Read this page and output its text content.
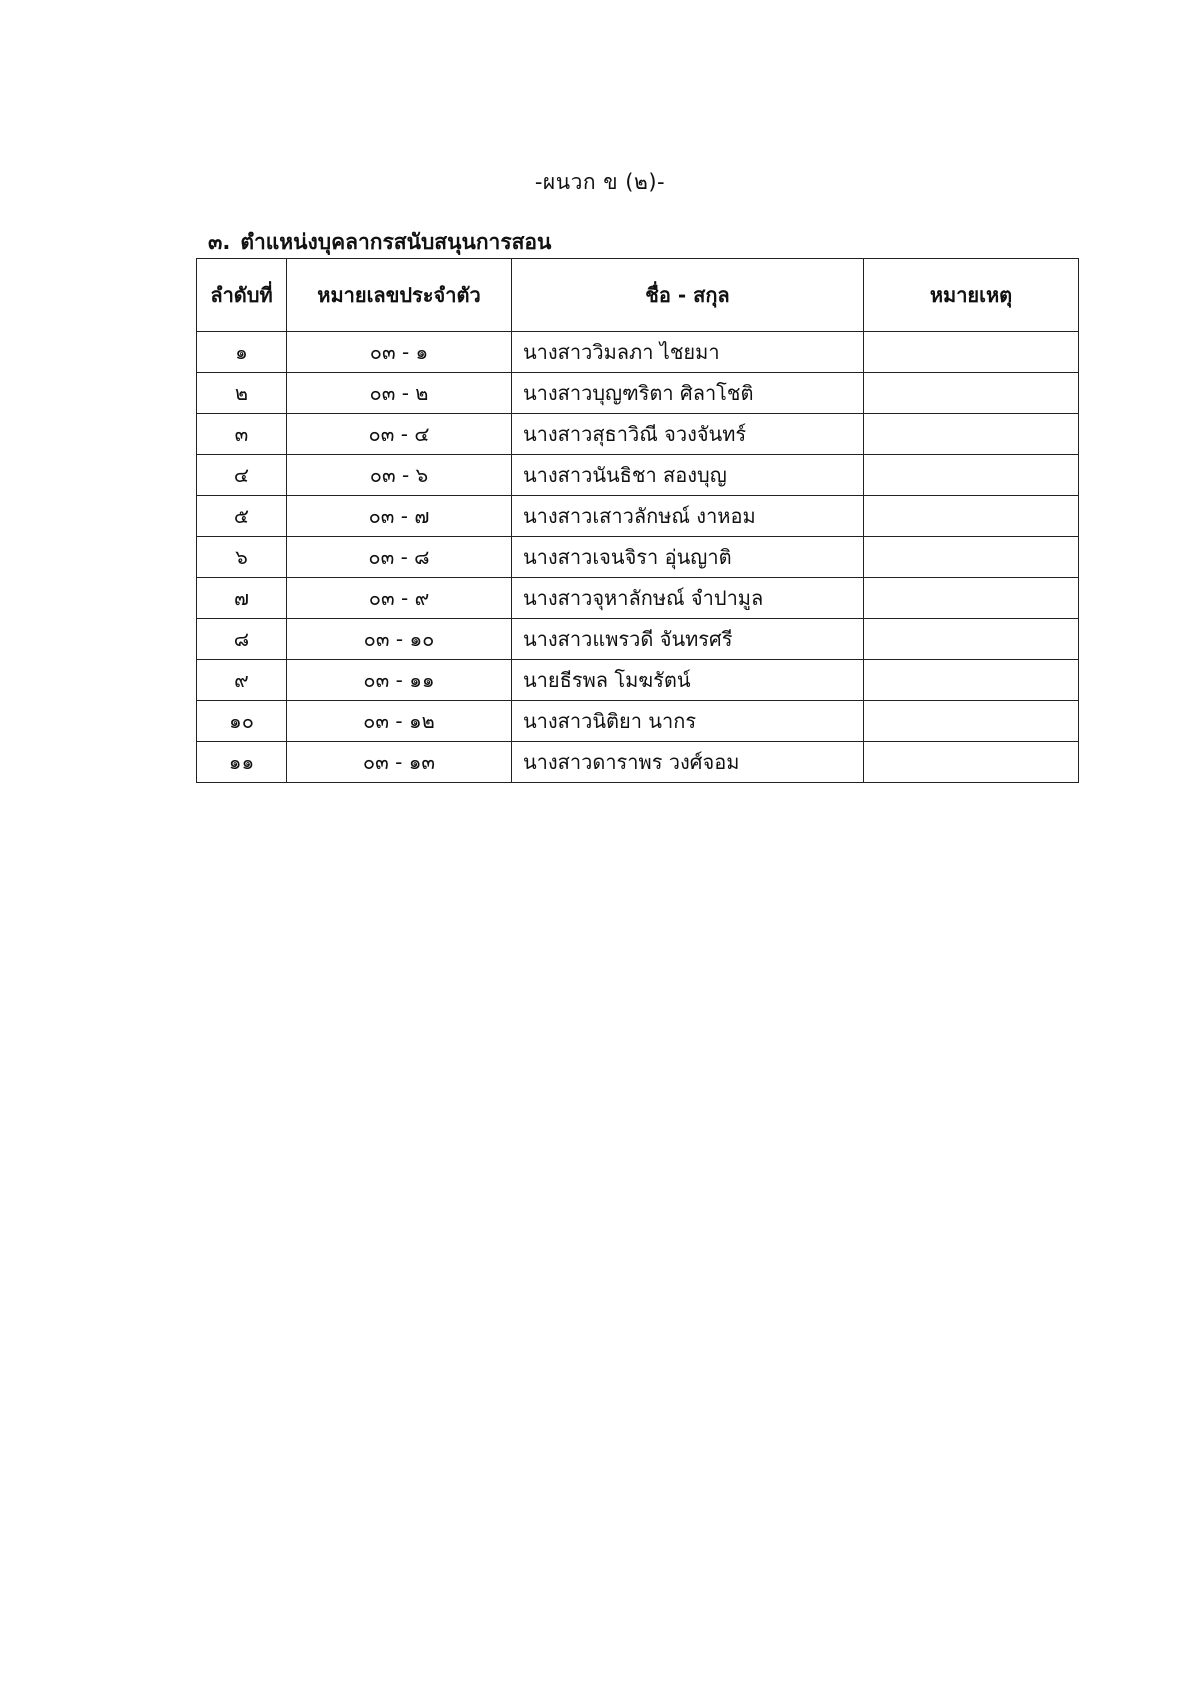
-ผนวก ข (๒)-
๓. ตำแหน่งบุคลากรสนับสนุนการสอน
ลำดับที่	หมายเลขประจำตัว	ชื่อ - สกุล	หมายเหตุ
๑	๐๓ - ๑	นางสาววิมลภา ไชยมา	
๒	๐๓ - ๒	นางสาวบุญฑริตา ศิลาโชติ	
๓	๐๓ - ๔	นางสาวสุธาวิณี จวงจันทร์	
๔	๐๓ - ๖	นางสาวนันธิชา สองบุญ	
๕	๐๓ - ๗	นางสาวเสาวลักษณ์ งาหอม	
๖	๐๓ - ๘	นางสาวเจนจิรา อุ่นญาติ	
๗	๐๓ - ๙	นางสาวจุหาลักษณ์ จำปามูล	
๘	๐๓ - ๑๐	นางสาวแพรวดี จันทรศรี	
๙	๐๓ - ๑๑	นายธีรพล โมฆรัตน์	
๑๐	๐๓ - ๑๒	นางสาวนิติยา นากร	
๑๑	๐๓ - ๑๓	นางสาวดาราพร วงศ์จอม	
